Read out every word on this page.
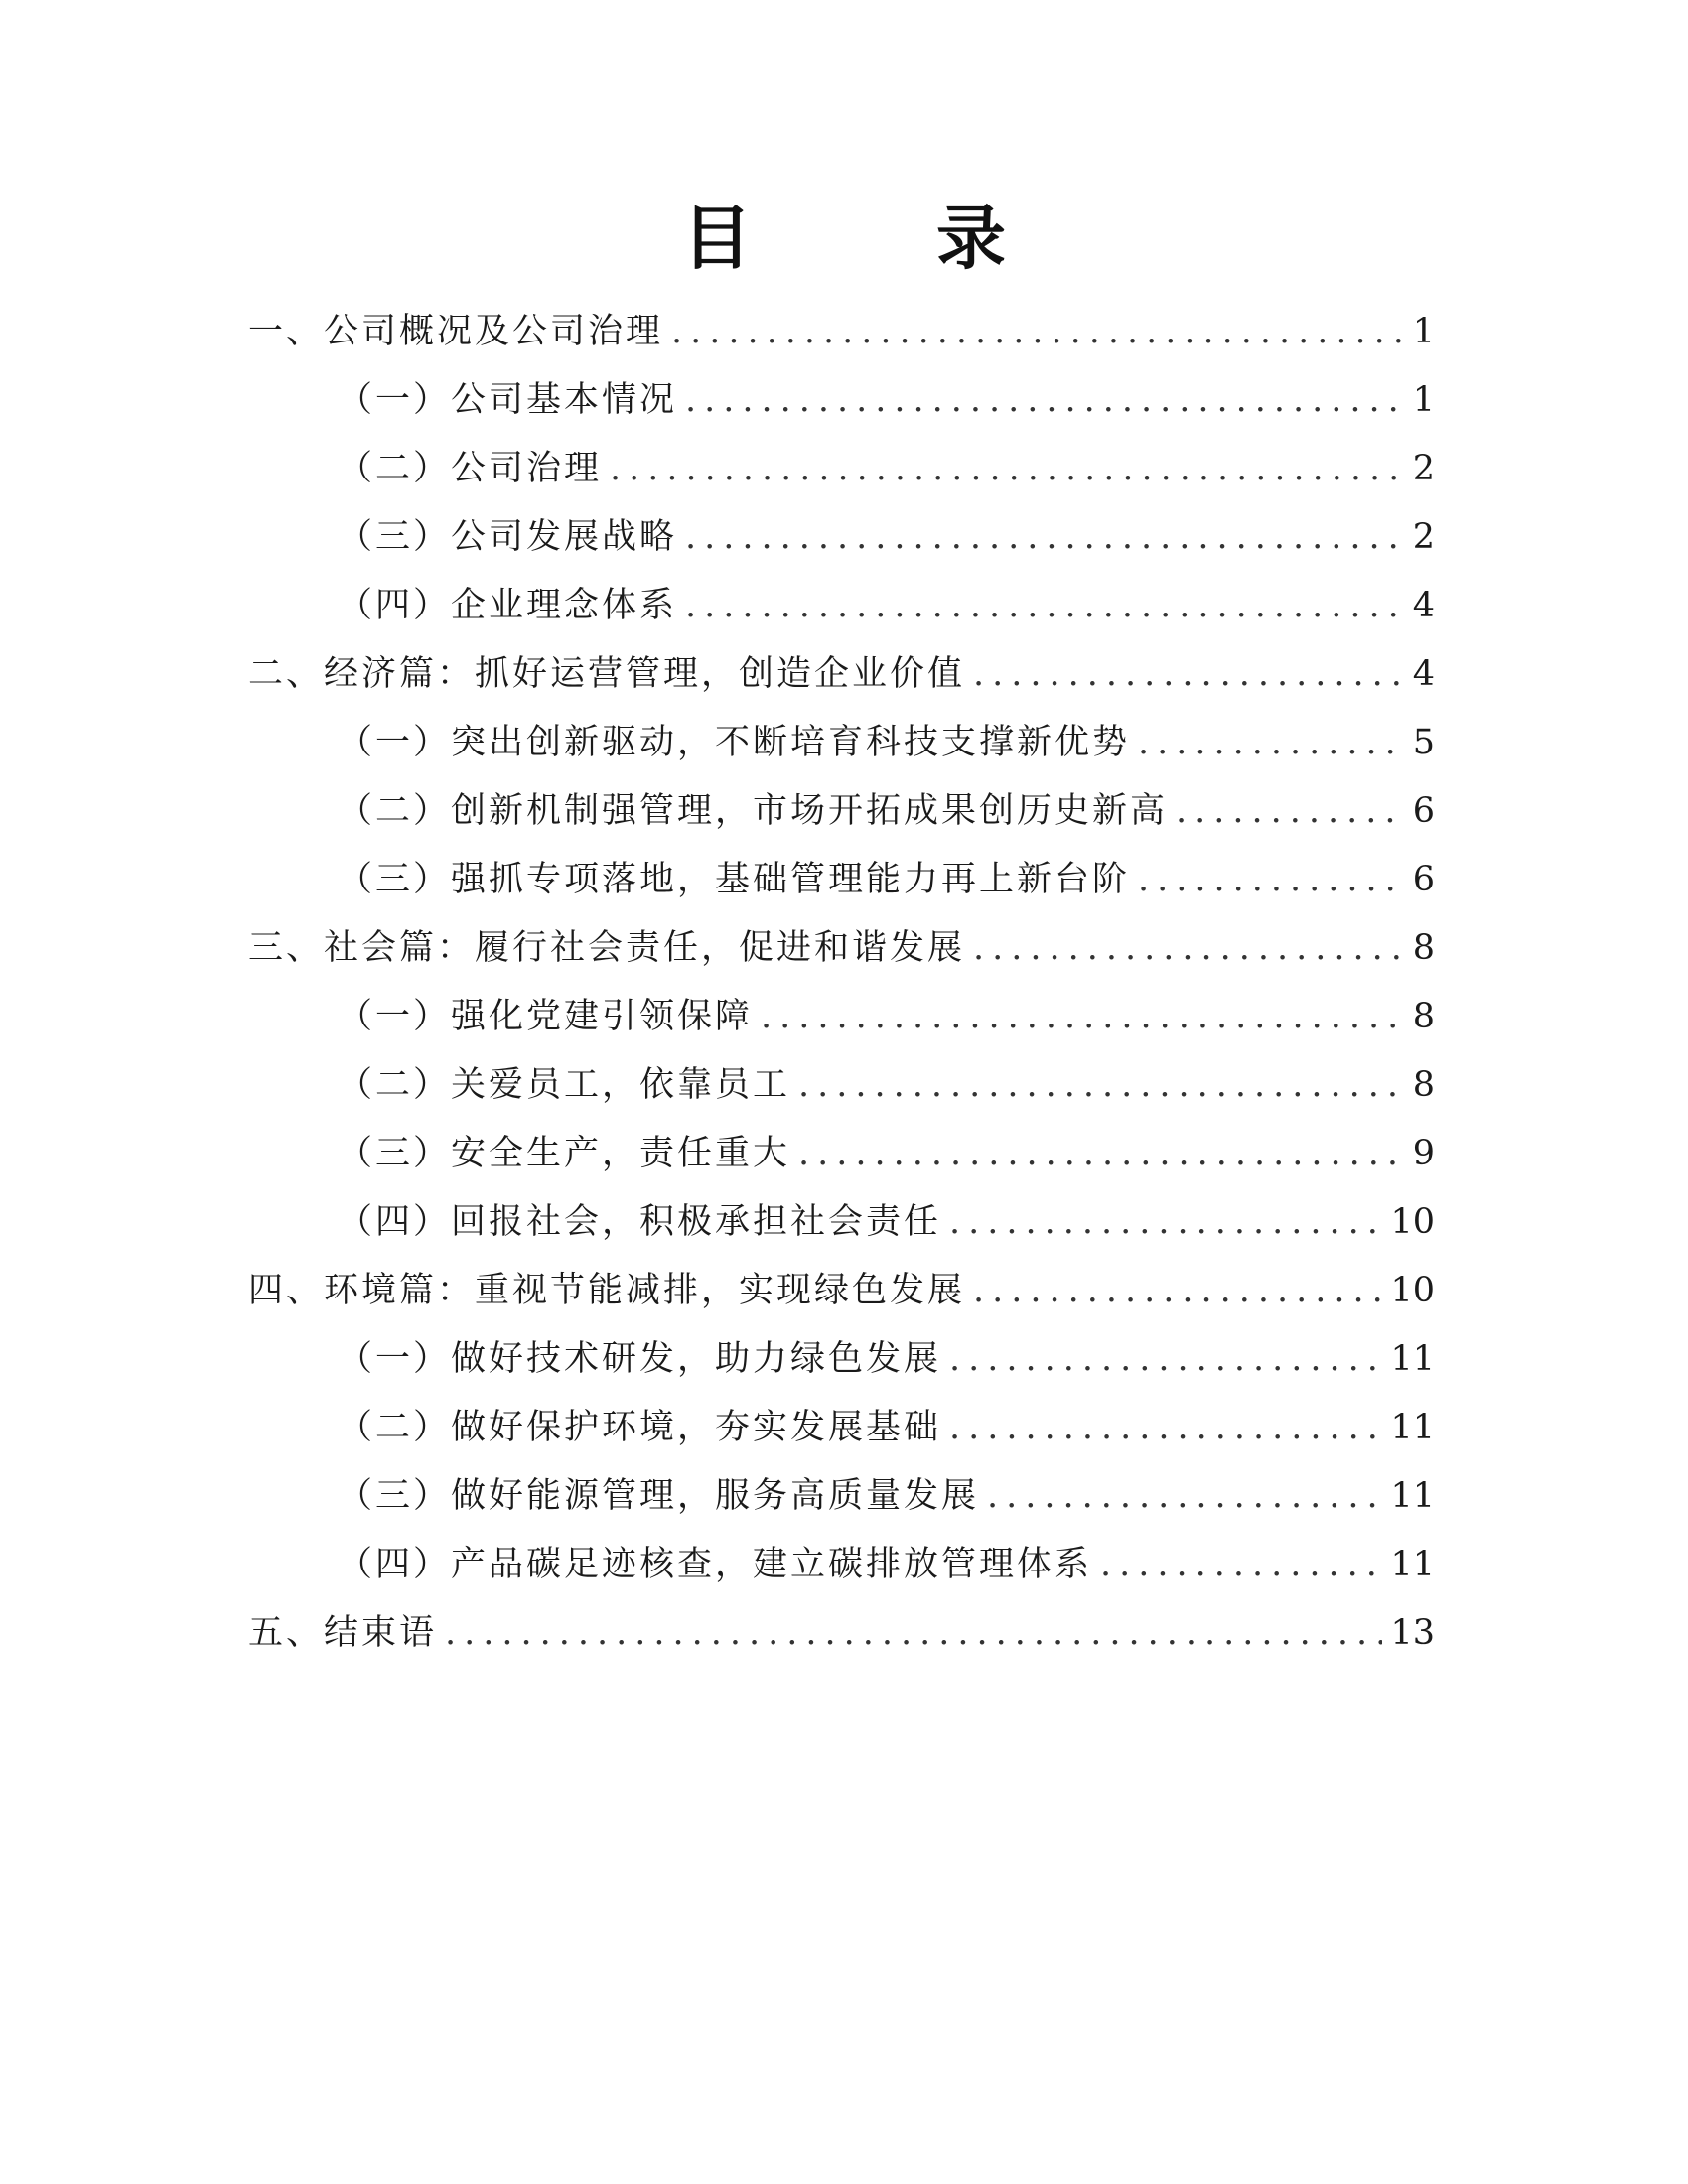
目　录
一、公司概况及公司治理 .....	1
（一）公司基本情况 .....	1
（二）公司治理 .....	2
（三）公司发展战略 .....	2
（四）企业理念体系 .....	4
二、经济篇：抓好运营管理，创造企业价值 .....	4
（一）突出创新驱动，不断培育科技支撑新优势 .....	5
（二）创新机制强管理，市场开拓成果创历史新高 .....	6
（三）强抓专项落地，基础管理能力再上新台阶 .....	6
三、社会篇：履行社会责任，促进和谐发展 .....	8
（一）强化党建引领保障 .....	8
（二）关爱员工，依靠员工 .....	8
（三）安全生产，责任重大 .....	9
（四）回报社会，积极承担社会责任 .....	10
四、环境篇：重视节能减排，实现绿色发展 .....	10
（一）做好技术研发，助力绿色发展 .....	11
（二）做好保护环境，夯实发展基础 .....	11
（三）做好能源管理，服务高质量发展 .....	11
（四）产品碳足迹核查，建立碳排放管理体系 .....	11
五、结束语 .....	13
